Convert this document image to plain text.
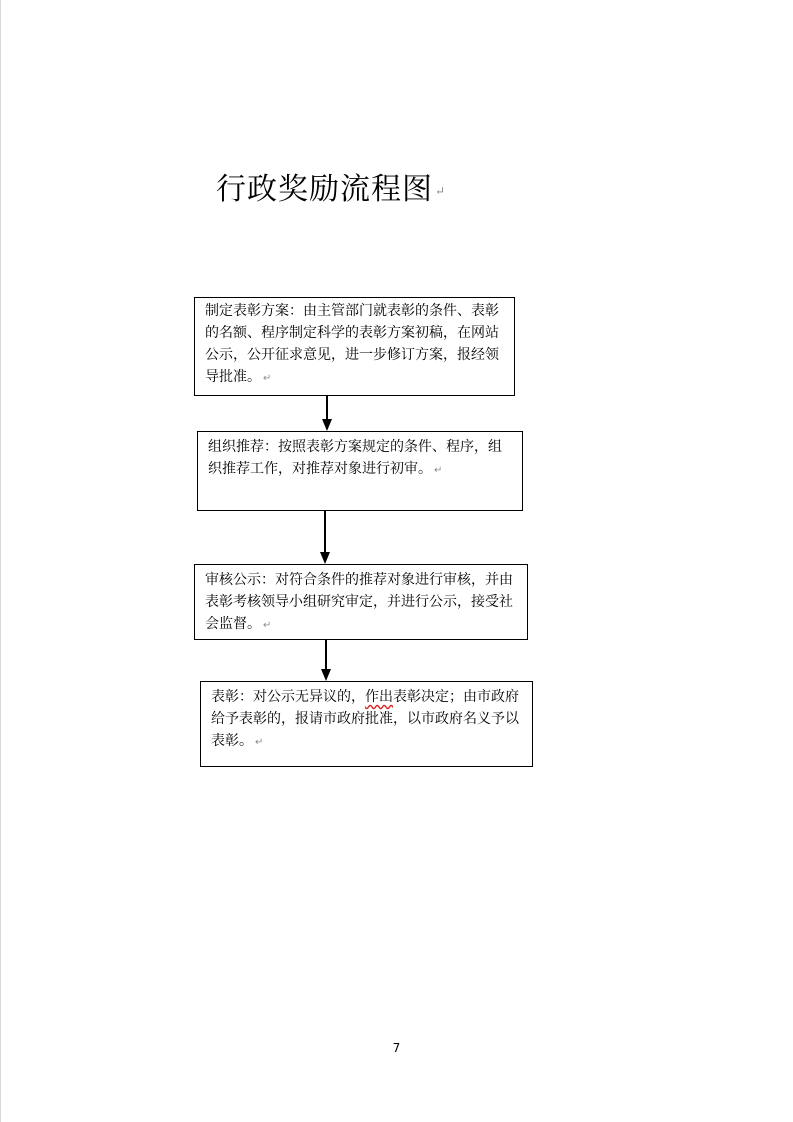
行政奖励流程图 ↵
制定表彰方案：由主管部门就表彰的条件、表彰的名额、程序制定科学的表彰方案初稿，在网站公示，公开征求意见，进一步修订方案，报经领导批准。 ↵
组织推荐：按照表彰方案规定的条件、程序，组织推荐工作，对推荐对象进行初审。 ↵
审核公示：对符合条件的推荐对象进行审核，并由表彰考核领导小组研究审定，并进行公示，接受社会监督。 ↵
表彰：对公示无异议的，作出表彰决定；由市政府给予表彰的，报请市政府批准，以市政府名义予以表彰。 ↵
7
